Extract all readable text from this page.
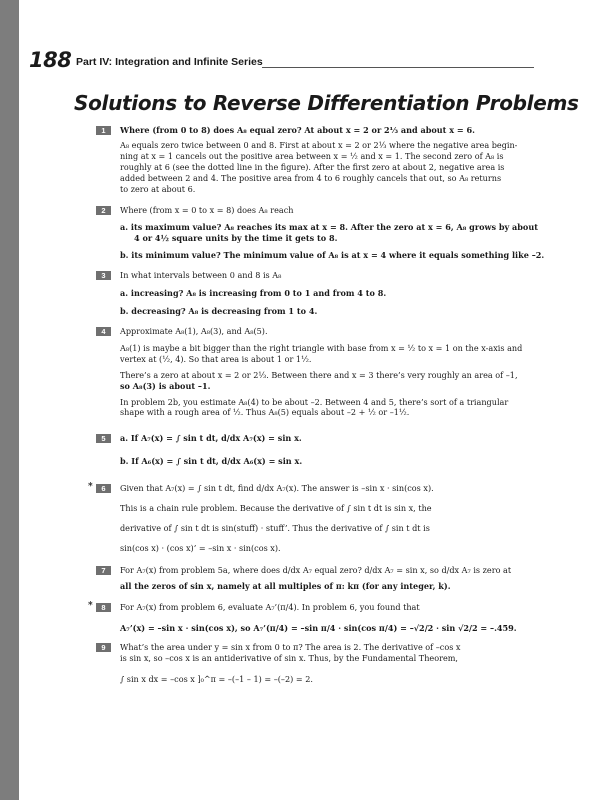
188 Part IV: Integration and Infinite Series
Solutions to Reverse Differentiation Problems
1	Where (from 0 to 8) does A₈ equal zero? At about x = 2 or 2⅓ and about x = 6.
A₈ equals zero twice between 0 and 8. First at about x = 2 or 2⅓ where the negative area begin-
ning at x = 1 cancels out the positive area between x = ½ and x = 1. The second zero of A₈ is
roughly at 6 (see the dotted line in the figure). After the first zero at about 2, negative area is
added between 2 and 4. The positive area from 4 to 6 roughly cancels that out, so A₈ returns
to zero at about 6.
2	Where (from x = 0 to x = 8) does A₈ reach
a. its maximum value? A₈ reaches its max at x = 8. After the zero at x = 6, A₈ grows by about
4 or 4½ square units by the time it gets to 8.
b. its minimum value? The minimum value of A₈ is at x = 4 where it equals something like –2.
3	In what intervals between 0 and 8 is A₈
a. increasing? A₈ is increasing from 0 to 1 and from 4 to 8.
b. decreasing? A₈ is decreasing from 1 to 4.
4	Approximate A₈(1), A₈(3), and A₈(5).
A₈(1) is maybe a bit bigger than the right triangle with base from x = ½ to x = 1 on the x-axis and
vertex at (½, 4). So that area is about 1 or 1½.
There’s a zero at about x = 2 or 2⅓. Between there and x = 3 there’s very roughly an area of –1,
so A₈(3) is about –1.
In problem 2b, you estimate A₈(4) to be about –2. Between 4 and 5, there’s sort of a triangular
shape with a rough area of ½. Thus A₈(5) equals about –2 + ½ or –1½.
5	a. If A₇(x) = ∫ sin t dt, d/dx A₇(x) = sin x.
b. If A₆(x) = ∫ sin t dt, d/dx A₆(x) = sin x.
*	6	Given that A₇(x) = ∫ sin t dt, find d/dx A₇(x). The answer is –sin x · sin(cos x).
This is a chain rule problem. Because the derivative of ∫ sin t dt is sin x, the
derivative of ∫ sin t dt is sin(stuff) · stuff’. Thus the derivative of ∫ sin t dt is
sin(cos x) · (cos x)’ = –sin x · sin(cos x).
7	For A₇(x) from problem 5a, where does d/dx A₇ equal zero? d/dx A₇ = sin x, so d/dx A₇ is zero at
all the zeros of sin x, namely at all multiples of π: kπ (for any integer, k).
*	8	For A₇(x) from problem 6, evaluate A₇’(π/4). In problem 6, you found that
A₇’(x) = –sin x · sin(cos x), so A₇’(π/4) = –sin π/4 · sin(cos π/4) = –√2/2 · sin √2/2 = –.459.
9	What’s the area under y = sin x from 0 to π? The area is 2. The derivative of –cos x
is sin x, so –cos x is an antiderivative of sin x. Thus, by the Fundamental Theorem,
∫ sin x dx = –cos x ]₀^π = –(–1 – 1) = –(–2) = 2.
